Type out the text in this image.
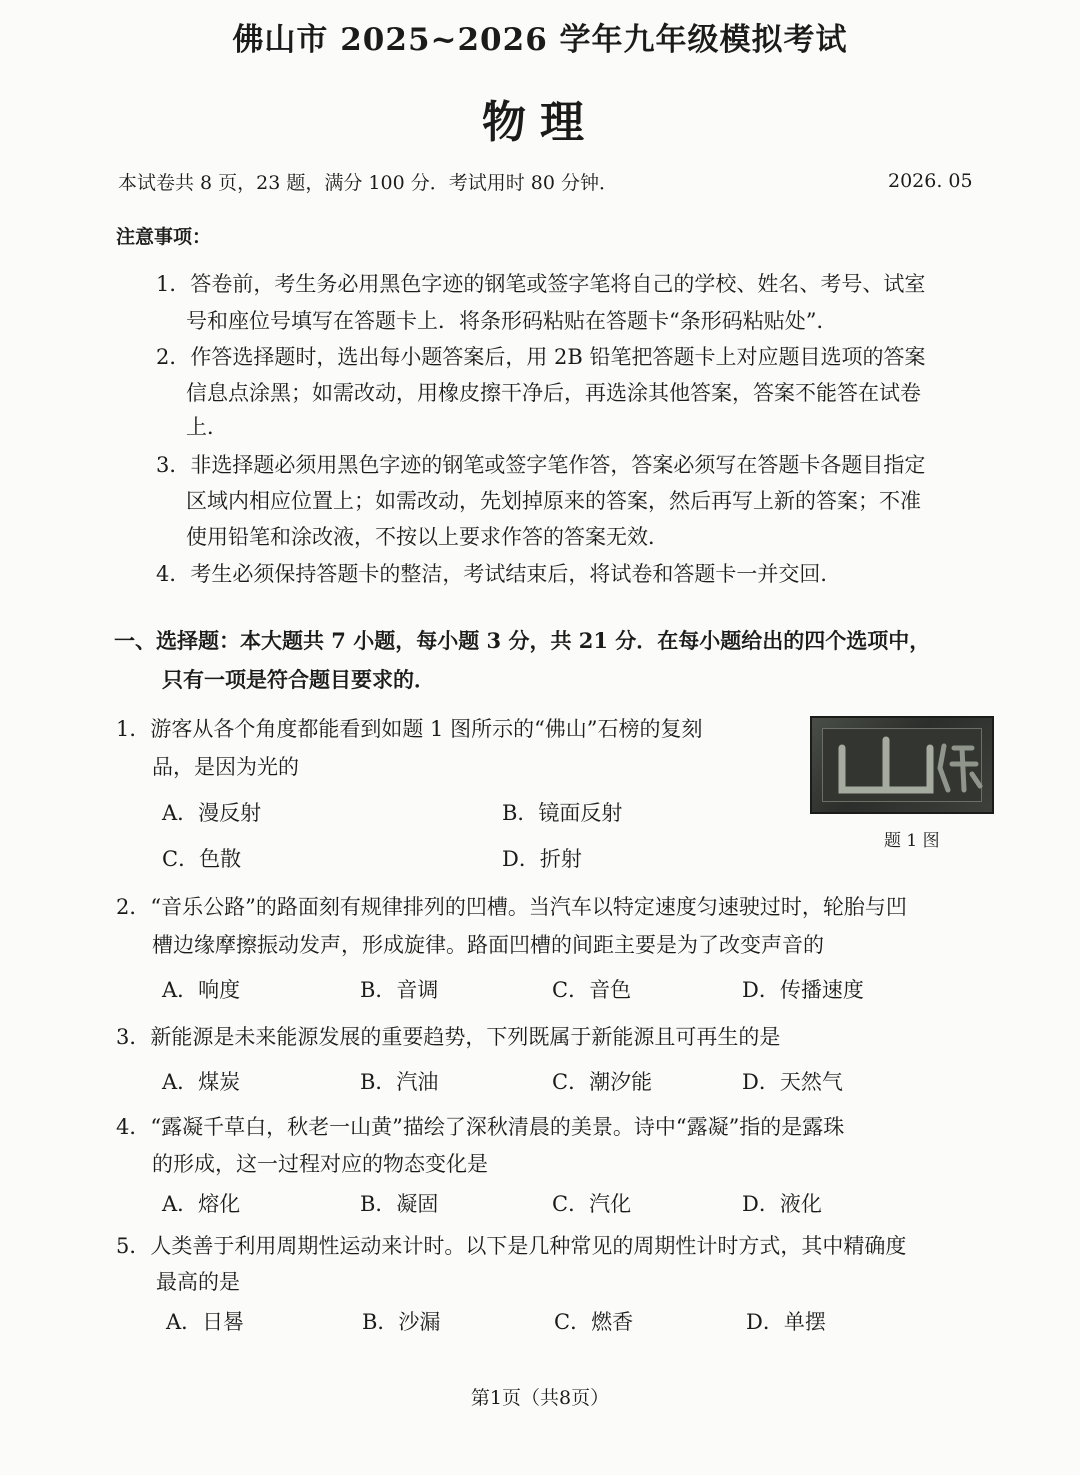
佛山市 2025~2026 学年九年级模拟考试
物理
本试卷共 8 页，23 题，满分 100 分．考试用时 80 分钟．	2026. 05
注意事项：
1．答卷前，考生务必用黑色字迹的钢笔或签字笔将自己的学校、姓名、考号、试室
号和座位号填写在答题卡上．将条形码粘贴在答题卡“条形码粘贴处”．
2．作答选择题时，选出每小题答案后，用 2B 铅笔把答题卡上对应题目选项的答案
信息点涂黑；如需改动，用橡皮擦干净后，再选涂其他答案，答案不能答在试卷
上．
3．非选择题必须用黑色字迹的钢笔或签字笔作答，答案必须写在答题卡各题目指定
区域内相应位置上；如需改动，先划掉原来的答案，然后再写上新的答案；不准
使用铅笔和涂改液，不按以上要求作答的答案无效．
4．考生必须保持答题卡的整洁，考试结束后，将试卷和答题卡一并交回．
一、选择题：本大题共 7 小题，每小题 3 分，共 21 分．在每小题给出的四个选项中，
只有一项是符合题目要求的．
1．游客从各个角度都能看到如题 1 图所示的“佛山”石榜的复刻
品，是因为光的
A．漫反射	B．镜面反射
C．色散	D．折射
题 1 图
2．“音乐公路”的路面刻有规律排列的凹槽。当汽车以特定速度匀速驶过时，轮胎与凹
槽边缘摩擦振动发声，形成旋律。路面凹槽的间距主要是为了改变声音的
A．响度	B．音调	C．音色	D．传播速度
3．新能源是未来能源发展的重要趋势，下列既属于新能源且可再生的是
A．煤炭	B．汽油	C．潮汐能	D．天然气
4．“露凝千草白，秋老一山黄”描绘了深秋清晨的美景。诗中“露凝”指的是露珠
的形成，这一过程对应的物态变化是
A．熔化	B．凝固	C．汽化	D．液化
5．人类善于利用周期性运动来计时。以下是几种常见的周期性计时方式，其中精确度
最高的是
A．日晷	B．沙漏	C．燃香	D．单摆
第1页（共8页）
